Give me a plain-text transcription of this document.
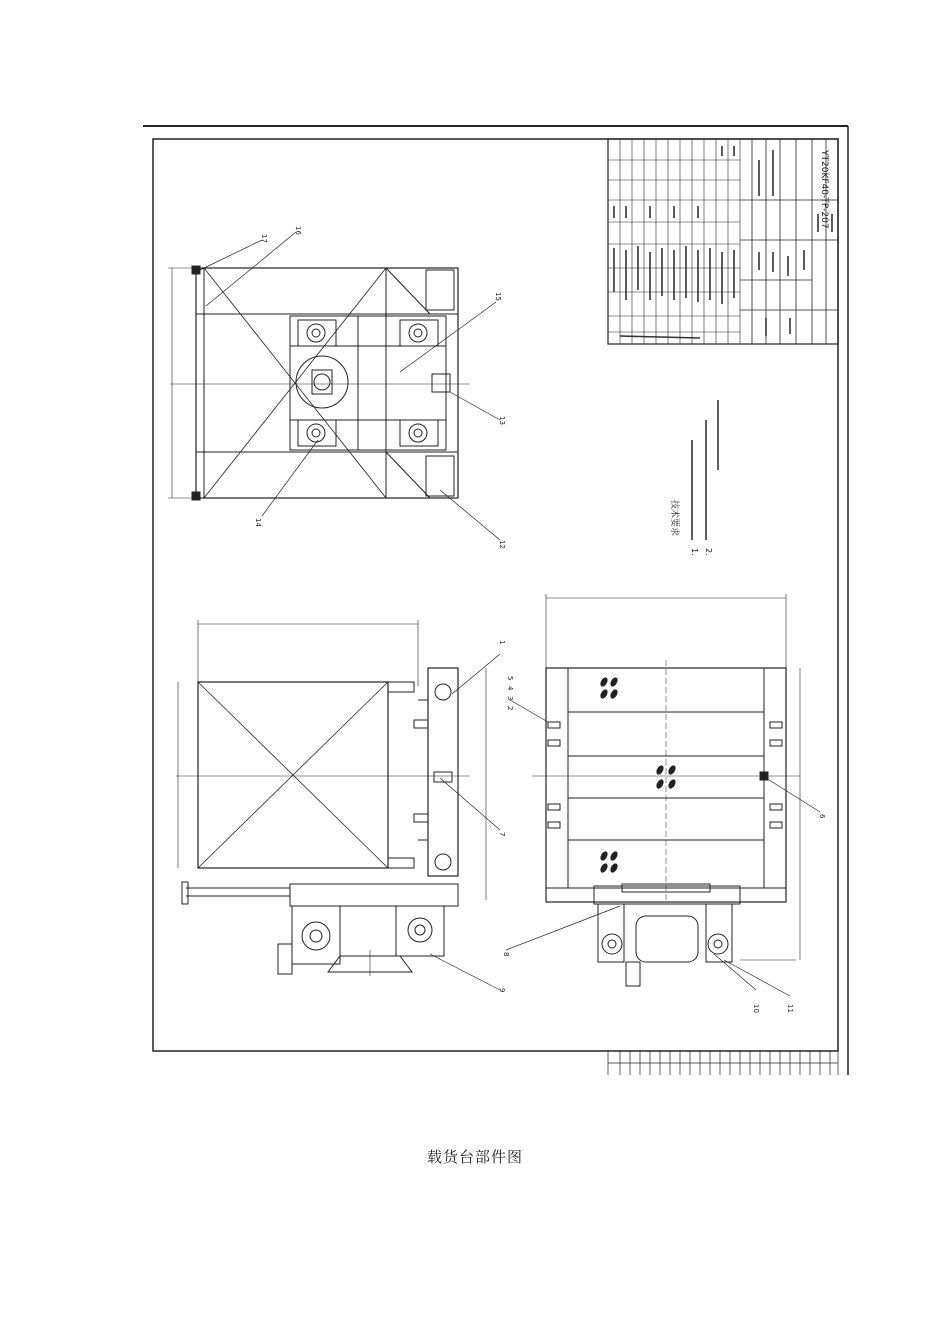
YT20KF40-TP-207
技术要求
1. 2.
17
16
15
13
14
12
1
5
4
3
2
7
6
8
9
10	11
载货台部件图
